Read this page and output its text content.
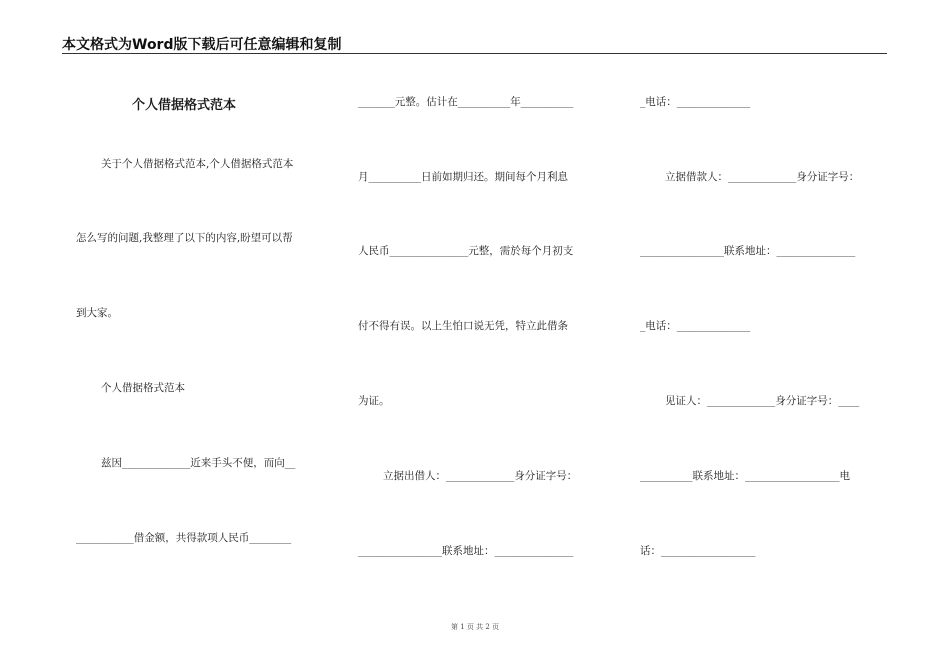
本文格式为Word版下载后可任意编辑和复制
个人借据格式范本
关于个人借据格式范本,个人借据格式范本
怎么写的问题,我整理了以下的内容,盼望可以帮
到大家。
个人借据格式范本
兹因_____________近来手头不便，而向__
___________借金额，共得款项人民币________
_______元整。估计在__________年__________
月__________日前如期归还。期间每个月利息
人民币_______________元整，需於每个月初支
付不得有误。以上生怕口说无凭，特立此借条
为证。
立据出借人：_____________身分证字号：
________________联系地址：_______________
_电话：______________
立据借款人：_____________身分证字号：
________________联系地址：_______________
_电话：______________
见证人：_____________身分证字号：____
__________联系地址：__________________电
话：__________________
第 1 页 共 2 页
